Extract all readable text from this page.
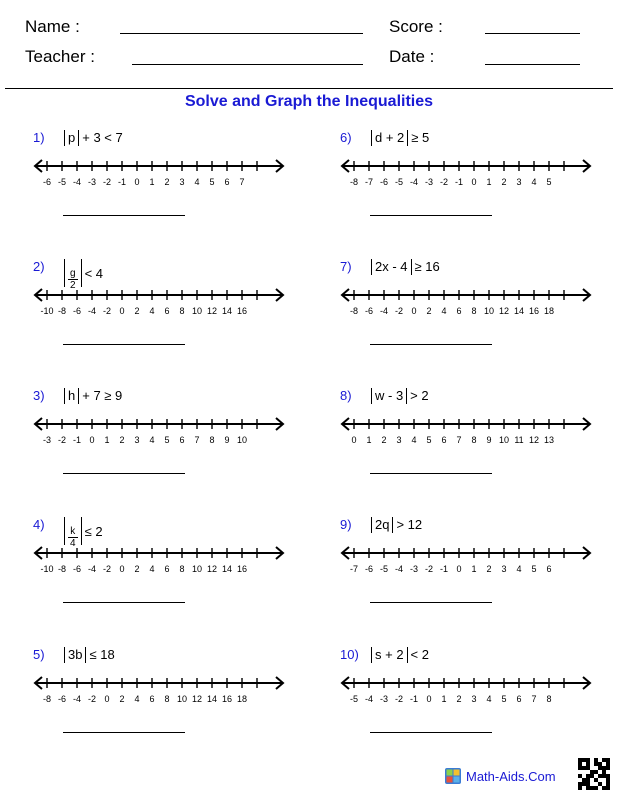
Name :	Score :
Teacher :	Date :
Solve and Graph the Inequalities
1)	p + 3 < 7
-6 -5 -4 -3 -2 -1 0 1 2 3 4 5 6 7
2)
$\frac{g}{2} < 4$
-10 -8 -6 -4 -2 0 2 4 6 8 10 12 14 16
3)	h + 7 ≥ 9
-3 -2 -1 0 1 2 3 4 5 6 7 8 9 10
4)
$\frac{k}{4} \le 2$
-10 -8 -6 -4 -2 0 2 4 6 8 10 12 14 16
5)	3b ≤ 18
-8 -6 -4 -2 0 2 4 6 8 10 12 14 16 18
6)	d + 2 ≥ 5
-8 -7 -6 -5 -4 -3 -2 -1 0 1 2 3 4 5
7)	2x - 4 ≥ 16
-8 -6 -4 -2 0 2 4 6 8 10 12 14 16 18
8)	w - 3 > 2
0 1 2 3 4 5 6 7 8 9 10 11 12 13
9)	2q > 12
-7 -6 -5 -4 -3 -2 -1 0 1 2 3 4 5 6
10)	s + 2 < 2
-5 -4 -3 -2 -1 0 1 2 3 4 5 6 7 8
Math-Aids.Com
